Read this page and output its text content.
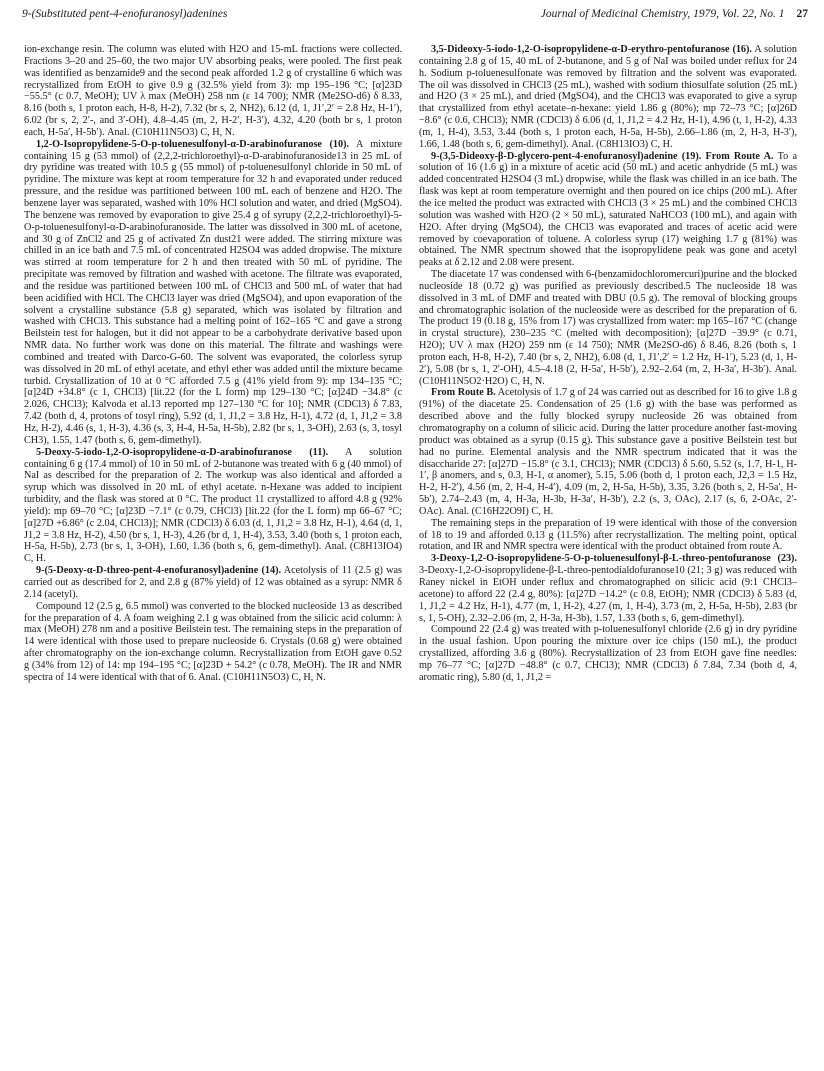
9-(Substituted pent-4-enofuranosyl)adenines	Journal of Medicinal Chemistry, 1979, Vol. 22, No. 1 27

ion-exchange resin. The column was eluted with H2O and 15-mL fractions were collected. Fractions 3–20 and 25–60, the two major UV absorbing peaks, were pooled. The first peak was identified as benzamide9 and the second peak afforded 1.2 g of crystalline 6 which was recrystallized from EtOH to give 0.9 g (32.5% yield from 3): mp 195–196 °C; [α]23D −55.5° (c 0.7, MeOH); UV λ max (MeOH) 258 nm (ε 14 700); NMR (Me2SO-d6) δ 8.33, 8.16 (both s, 1 proton each, H-8, H-2), 7.32 (br s, 2, NH2), 6.12 (d, 1, J1′,2′ = 2.8 Hz, H-1′), 6.02 (br s, 2, 2′-, and 3′-OH), 4.8–4.45 (m, 2, H-2′, H-3′), 4.32, 4.20 (both br s, 1 proton each, H-5a′, H-5b′). Anal. (C10H11N5O3) C, H, N.

1,2-O-Isopropylidene-5-O-p-toluenesulfonyl-α-D-arabinofuranose (10). A mixture containing 15 g (53 mmol) of (2,2,2-trichloroethyl)-α-D-arabinofuranoside13 in 25 mL of dry pyridine was treated with 10.5 g (55 mmol) of p-toluenesulfonyl chloride in 50 mL of pyridine. The mixture was kept at room temperature for 32 h and evaporated under reduced pressure, and the residue was partitioned between 100 mL each of benzene and H2O. The benzene layer was separated, washed with 10% HCl solution and water, and dried (MgSO4). The benzene was removed by evaporation to give 25.4 g of syrupy (2,2,2-trichloroethyl)-5-O-p-toluenesulfonyl-α-D-arabinofuranoside. The latter was dissolved in 300 mL of acetone, and 30 g of ZnCl2 and 25 g of activated Zn dust21 were added. The stirring mixture was chilled in an ice bath and 7.5 mL of concentrated H2SO4 was added dropwise. The mixture was stirred at room temperature for 2 h and then treated with 50 mL of pyridine. The precipitate was removed by filtration and washed with acetone. The filtrate was evaporated, and the residue was partitioned between 100 mL of CHCl3 and 500 mL of water that had been acidified with HCl. The CHCl3 layer was dried (MgSO4), and upon evaporation of the solvent a crystalline substance (5.8 g) separated, which was isolated by filtration and washed with CHCl3. This substance had a melting point of 162–165 °C and gave a strong Beilstein test for halogen, but it did not appear to be a carbohydrate derivative based upon NMR data. No further work was done on this material. The filtrate and washings were combined and treated with Darco-G-60. The solvent was evaporated, the colorless syrup was dissolved in 20 mL of ethyl acetate, and ethyl ether was added until the mixture became turbid. Crystallization of 10 at 0 °C afforded 7.5 g (41% yield from 9): mp 134–135 °C; [α]24D +34.8° (c 1, CHCl3) [lit.22 (for the L form) mp 129–130 °C; [α]24D −34.8° (c 2.026, CHCl3); Kalvoda et al.13 reported mp 127–130 °C for 10]; NMR (CDCl3) δ 7.83, 7.42 (both d, 4, protons of tosyl ring), 5.92 (d, 1, J1,2 = 3.8 Hz, H-1), 4.72 (d, 1, J1,2 = 3.8 Hz, H-2), 4.46 (s, 1, H-3), 4.36 (s, 3, H-4, H-5a, H-5b), 2.82 (br s, 1, 3-OH), 2.63 (s, 3, tosyl CH3), 1.55, 1.47 (both s, 6, gem-dimethyl).

5-Deoxy-5-iodo-1,2-O-isopropylidene-α-D-arabinofuranose (11). A solution containing 6 g (17.4 mmol) of 10 in 50 mL of 2-butanone was treated with 6 g (40 mmol) of NaI as described for the preparation of 2. The workup was also identical and afforded a syrup which was dissolved in 20 mL of ethyl acetate. n-Hexane was added to incipient turbidity, and the flask was stored at 0 °C. The product 11 crystallized to afford 4.8 g (92% yield): mp 69–70 °C; [α]23D −7.1° (c 0.79, CHCl3) [lit.22 (for the L form) mp 66–67 °C; [α]27D +6.86° (c 2.04, CHCl3)]; NMR (CDCl3) δ 6.03 (d, 1, J1,2 = 3.8 Hz, H-1), 4.64 (d, 1, J1,2 = 3.8 Hz, H-2), 4.50 (br s, 1, H-3), 4.26 (br d, 1, H-4), 3.53, 3.40 (both s, 1 proton each, H-5a, H-5b), 2.73 (br s, 1, 3-OH), 1.60, 1.36 (both s, 6, gem-dimethyl). Anal. (C8H13IO4) C, H.

9-(5-Deoxy-α-D-threo-pent-4-enofuranosyl)adenine (14). Acetolysis of 11 (2.5 g) was carried out as described for 2, and 2.8 g (87% yield) of 12 was obtained as a syrup: NMR δ 2.14 (acetyl).

Compound 12 (2.5 g, 6.5 mmol) was converted to the blocked nucleoside 13 as described for the preparation of 4. A foam weighing 2.1 g was obtained from the silicic acid column: λ max (MeOH) 278 nm and a positive Beilstein test. The remaining steps in the preparation of 14 were identical with those used to prepare nucleoside 6. Crystals (0.68 g) were obtained after chromatography on the ion-exchange column. Recrystallization from EtOH gave 0.52 g (34% from 12) of 14: mp 194–195 °C; [α]23D + 54.2° (c 0.78, MeOH). The IR and NMR spectra of 14 were identical with that of 6. Anal. (C10H11N5O3) C, H, N.

3,5-Dideoxy-5-iodo-1,2-O-isopropylidene-α-D-erythro-pentofuranose (16). A solution containing 2.8 g of 15, 40 mL of 2-butanone, and 5 g of NaI was boiled under reflux for 24 h. Sodium p-toluenesulfonate was removed by filtration and the solvent was evaporated. The oil was dissolved in CHCl3 (25 mL), washed with sodium thiosulfate solution (25 mL) and H2O (3 × 25 mL), and dried (MgSO4), and the CHCl3 was evaporated to give a syrup that crystallized from ethyl acetate–n-hexane: yield 1.86 g (80%); mp 72–73 °C; [α]26D −8.6° (c 0.6, CHCl3); NMR (CDCl3) δ 6.06 (d, 1, J1,2 = 4.2 Hz, H-1), 4.96 (t, 1, H-2), 4.33 (m, 1, H-4), 3.53, 3.44 (both s, 1 proton each, H-5a, H-5b), 2.66–1.86 (m, 2, H-3, H-3′), 1.66, 1.48 (both s, 6, gem-dimethyl). Anal. (C8H13IO3) C, H.

9-(3,5-Dideoxy-β-D-glycero-pent-4-enofuranosyl)adenine (19). From Route A. To a solution of 16 (1.6 g) in a mixture of acetic acid (50 mL) and acetic anhydride (5 mL) was added concentrated H2SO4 (3 mL) dropwise, while the flask was chilled in an ice bath. The flask was kept at room temperature overnight and then poured on ice chips (200 mL). After the ice melted the product was extracted with CHCl3 (3 × 25 mL) and the combined CHCl3 solution was washed with H2O (2 × 50 mL), saturated NaHCO3 (100 mL), and again with H2O. After drying (MgSO4), the CHCl3 was evaporated and traces of acetic acid were removed by coevaporation of toluene. A colorless syrup (17) weighing 1.7 g (81%) was obtained. The NMR spectrum showed that the isopropylidene peak was gone and acetyl peaks at δ 2.12 and 2.08 were present.

The diacetate 17 was condensed with 6-(benzamidochloromercuri)purine and the blocked nucleoside 18 (0.72 g) was purified as previously described.5 The nucleoside 18 was dissolved in 3 mL of DMF and treated with DBU (0.5 g). The removal of blocking groups and chromatographic isolation of the nucleoside were as described for the preparation of 6. The product 19 (0.18 g, 15% from 17) was crystallized from water: mp 165–167 °C (change in crystal structure), 230–235 °C (melted with decomposition); [α]27D −39.9° (c 0.71, H2O); UV λ max (H2O) 259 nm (ε 14 750); NMR (Me2SO-d6) δ 8.46, 8.26 (both s, 1 proton each, H-8, H-2), 7.40 (br s, 2, NH2), 6.08 (d, 1, J1′,2′ = 1.2 Hz, H-1′), 5.23 (d, 1, H-2′), 5.08 (br s, 1, 2′-OH), 4.5–4.18 (2, H-5a′, H-5b′), 2.92–2.64 (m, 2, H-3a′, H-3b′). Anal. (C10H11N5O2·H2O) C, H, N.

From Route B. Acetolysis of 1.7 g of 24 was carried out as described for 16 to give 1.8 g (91%) of the diacetate 25. Condensation of 25 (1.6 g) with the base was performed as described above and the fully blocked syrupy nucleoside 26 was obtained from chromatography on a column of silicic acid. During the latter procedure another fast-moving product was obtained as a syrup (0.15 g). This substance gave a positive Beilstein test but had no purine. Elemental analysis and the NMR spectrum indicated that it was the disaccharide 27: [α]27D −15.8° (c 3.1, CHCl3); NMR (CDCl3) δ 5.60, 5.52 (s, 1.7, H-1, H-1′, β anomers, and s, 0.3, H-1, α anomer), 5.15, 5.06 (both d, 1 proton each, J2,3 = 1.5 Hz, H-2, H-2′), 4.56 (m, 2, H-4, H-4′), 4.09 (m, 2, H-5a, H-5b), 3.35, 3.26 (both s, 2, H-5a′, H-5b′), 2.74–2.43 (m, 4, H-3a, H-3b, H-3a′, H-3b′), 2.2 (s, 3, OAc), 2.17 (s, 6, 2-OAc, 2′-OAc). Anal. (C16H22O9I) C, H.

The remaining steps in the preparation of 19 were identical with those of the conversion of 18 to 19 and afforded 0.13 g (11.5%) after recrystallization. The melting point, optical rotation, and IR and NMR spectra were identical with the product obtained from route A.

3-Deoxy-1,2-O-isopropylidene-5-O-p-toluenesulfonyl-β-L-threo-pentofuranose (23). 3-Deoxy-1,2-O-isopropylidene-β-L-threo-pentodialdofuranose10 (21; 3 g) was reduced with Raney nickel in EtOH under reflux and chromatographed on silicic acid (9:1 CHCl3–acetone) to afford 22 (2.4 g, 80%): [α]27D −14.2° (c 0.8, EtOH); NMR (CDCl3) δ 5.83 (d, 1, J1,2 = 4.2 Hz, H-1), 4.77 (m, 1, H-2), 4.27 (m, 1, H-4), 3.73 (m, 2, H-5a, H-5b), 2.83 (br s, 1, 5-OH), 2.32–2.06 (m, 2, H-3a, H-3b), 1.57, 1.33 (both s, 6, gem-dimethyl).

Compound 22 (2.4 g) was treated with p-toluenesulfonyl chloride (2.6 g) in dry pyridine in the usual fashion. Upon pouring the mixture over ice chips (150 mL), the product crystallized, affording 3.6 g (80%). Recrystallization of 23 from EtOH gave fine needles: mp 76–77 °C; [α]27D −48.8° (c 0.7, CHCl3); NMR (CDCl3) δ 7.84, 7.34 (both d, 4, aromatic ring), 5.80 (d, 1, J1,2 =
